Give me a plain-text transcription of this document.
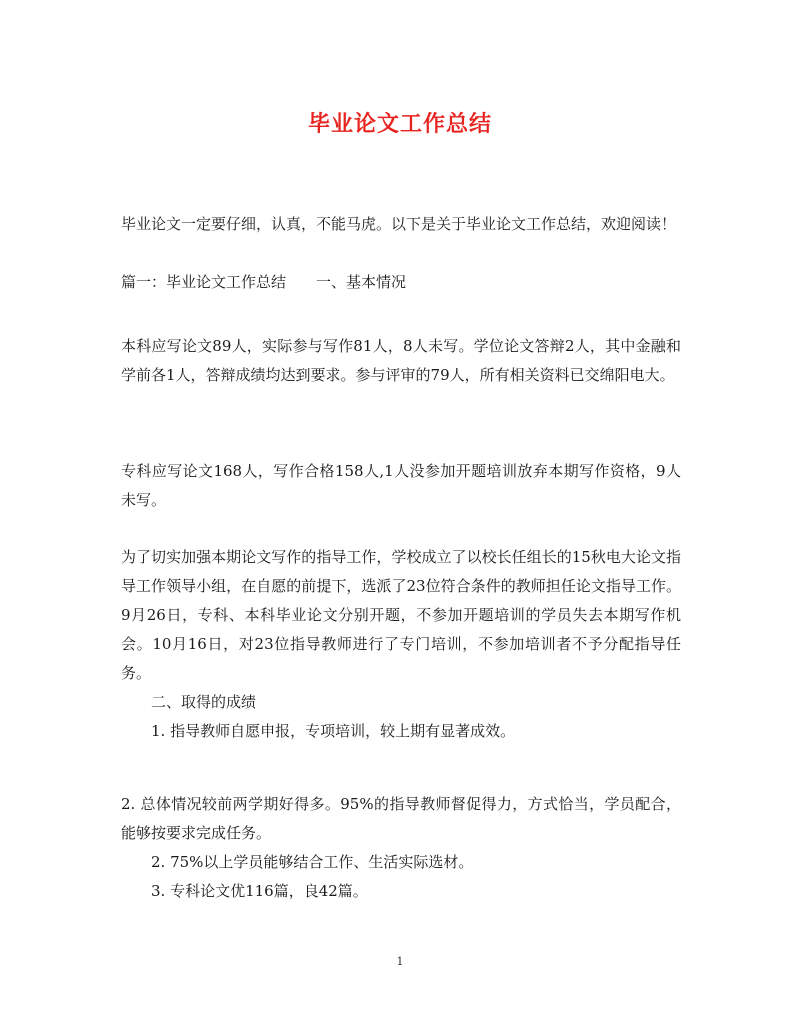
毕业论文工作总结

毕业论文一定要仔细，认真，不能马虎。以下是关于毕业论文工作总结，欢迎阅读！

篇一：毕业论文工作总结　　一、基本情况

本科应写论文89人，实际参与写作81人，8人未写。学位论文答辩2人，其中金融和学前各1人，答辩成绩均达到要求。参与评审的79人，所有相关资料已交绵阳电大。

专科应写论文168人，写作合格158人,1人没参加开题培训放弃本期写作资格，9人未写。

为了切实加强本期论文写作的指导工作，学校成立了以校长任组长的15秋电大论文指导工作领导小组，在自愿的前提下，选派了23位符合条件的教师担任论文指导工作。9月26日，专科、本科毕业论文分别开题，不参加开题培训的学员失去本期写作机会。10月16日，对23位指导教师进行了专门培训，不参加培训者不予分配指导任务。

二、取得的成绩

1. 指导教师自愿申报，专项培训，较上期有显著成效。

2. 总体情况较前两学期好得多。95%的指导教师督促得力，方式恰当，学员配合，能够按要求完成任务。

2. 75%以上学员能够结合工作、生活实际选材。

3. 专科论文优116篇，良42篇。

1
